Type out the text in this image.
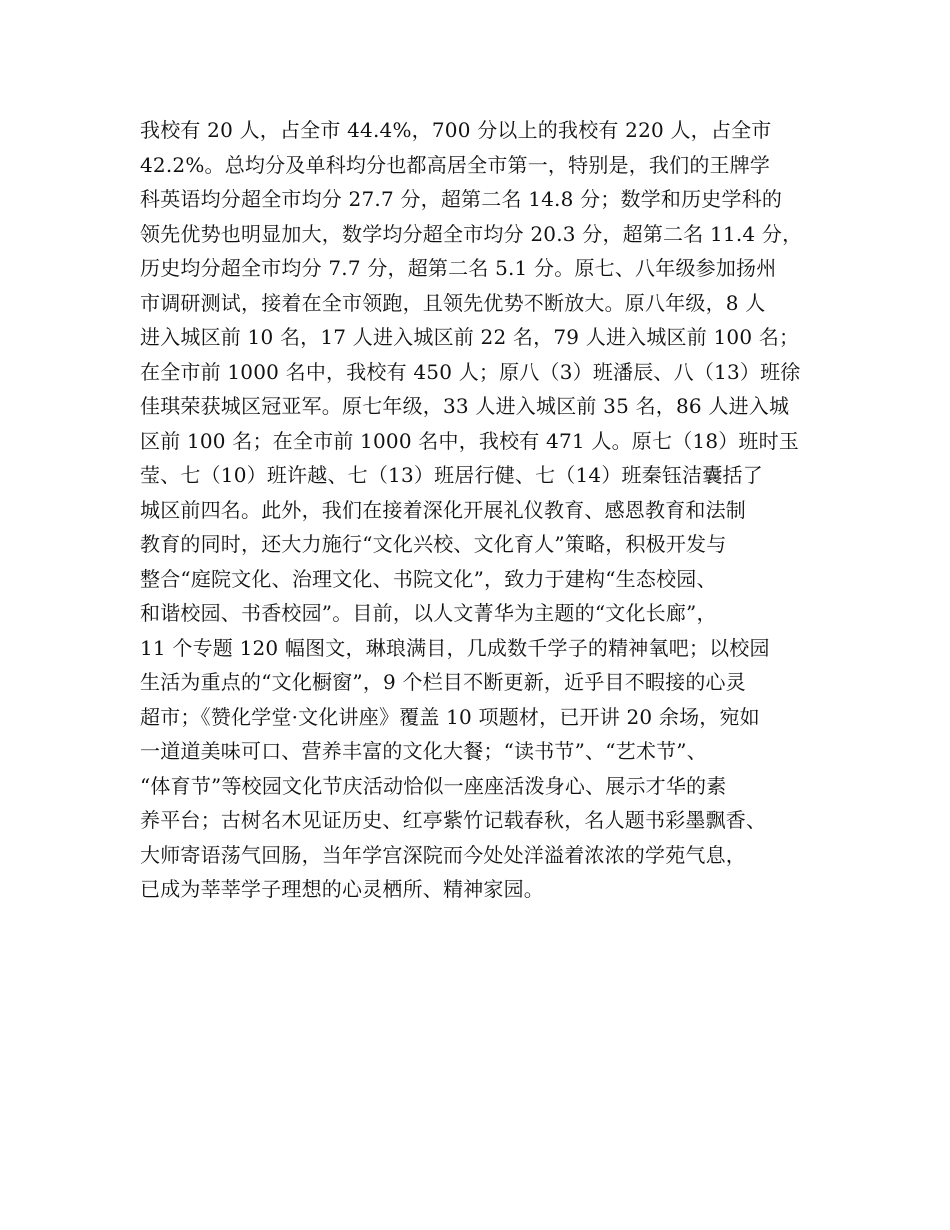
我校有 20 人，占全市 44.4%，700 分以上的我校有 220 人，占全市
42.2%。总均分及单科均分也都高居全市第一，特别是，我们的王牌学
科英语均分超全市均分 27.7 分，超第二名 14.8 分；数学和历史学科的
领先优势也明显加大，数学均分超全市均分 20.3 分，超第二名 11.4 分，
历史均分超全市均分 7.7 分，超第二名 5.1 分。原七、八年级参加扬州
市调研测试，接着在全市领跑，且领先优势不断放大。原八年级，8 人
进入城区前 10 名，17 人进入城区前 22 名，79 人进入城区前 100 名；
在全市前 1000 名中，我校有 450 人；原八（3）班潘辰、八（13）班徐
佳琪荣获城区冠亚军。原七年级，33 人进入城区前 35 名，86 人进入城
区前 100 名；在全市前 1000 名中，我校有 471 人。原七（18）班时玉
莹、七（10）班许越、七（13）班居行健、七（14）班秦钰洁囊括了
城区前四名。此外，我们在接着深化开展礼仪教育、感恩教育和法制
教育的同时，还大力施行“文化兴校、文化育人”策略，积极开发与
整合“庭院文化、治理文化、书院文化”，致力于建构“生态校园、
和谐校园、书香校园”。目前，以人文菁华为主题的“文化长廊”，
11 个专题 120 幅图文，琳琅满目，几成数千学子的精神氧吧；以校园
生活为重点的“文化橱窗”，9 个栏目不断更新，近乎目不暇接的心灵
超市；《赞化学堂·文化讲座》覆盖 10 项题材，已开讲 20 余场，宛如
一道道美味可口、营养丰富的文化大餐；“读书节”、“艺术节”、
“体育节”等校园文化节庆活动恰似一座座活泼身心、展示才华的素
养平台；古树名木见证历史、红亭紫竹记载春秋，名人题书彩墨飘香、
大师寄语荡气回肠，当年学宫深院而今处处洋溢着浓浓的学苑气息，
已成为莘莘学子理想的心灵栖所、精神家园。
